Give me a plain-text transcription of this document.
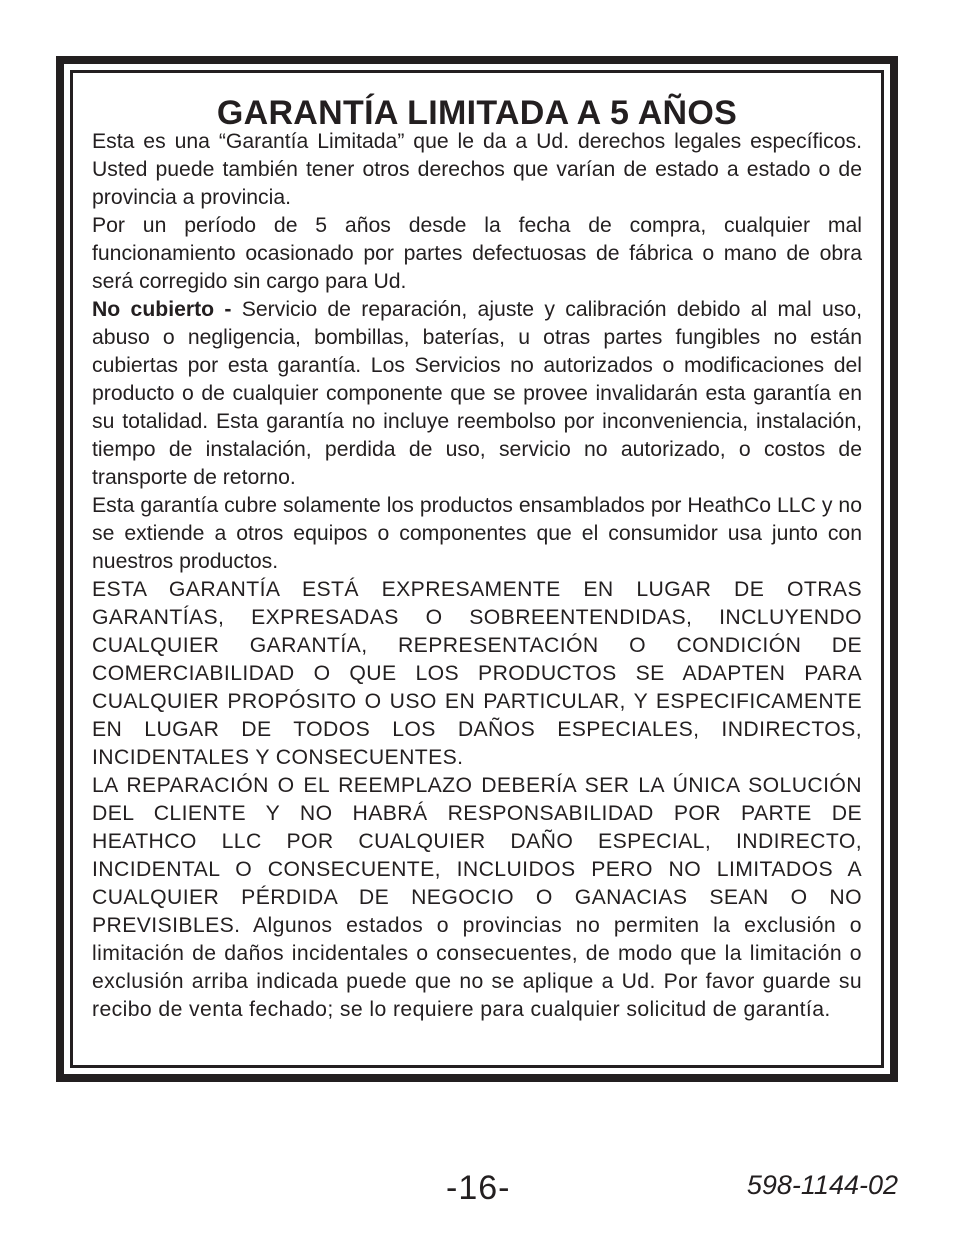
GARANTÍA LIMITADA A 5 AÑOS

Esta es una “Garantía Limitada” que le da a Ud. derechos legales específicos. Usted puede también tener otros derechos que varían de estado a estado o de provincia a provincia.

Por un período de 5 años desde la fecha de compra, cualquier mal funcionamiento ocasionado por partes defectuosas de fábrica o mano de obra será corregido sin cargo para Ud.

No cubierto - Servicio de reparación, ajuste y calibración debido al mal uso, abuso o negligencia, bombillas, baterías, u otras partes fungibles no están cubiertas por esta garantía. Los Servicios no autorizados o modificaciones del producto o de cualquier componente que se provee invalidarán esta garantía en su totalidad. Esta garantía no incluye reembolso por inconveniencia, instalación, tiempo de instalación, perdida de uso, servicio no autorizado, o costos de transporte de retorno.

Esta garantía cubre solamente los productos ensamblados por HeathCo LLC y no se extiende a otros equipos o componentes que el consumidor usa junto con nuestros productos.

ESTA GARANTÍA ESTÁ EXPRESAMENTE EN LUGAR DE OTRAS GARANTÍAS, EXPRESADAS O SOBREENTENDIDAS, INCLUYENDO CUALQUIER GARANTÍA, REPRESENTACIÓN O CONDICIÓN DE COMERCIABILIDAD O QUE LOS PRODUCTOS SE ADAPTEN PARA CUALQUIER PROPÓSITO O USO EN PARTICULAR, Y ESPECIFICAMENTE EN LUGAR DE TODOS LOS DAÑOS ESPECIALES, INDIRECTOS, INCIDENTALES Y CONSECUENTES.

LA REPARACIÓN O EL REEMPLAZO DEBERÍA SER LA ÚNICA SOLUCIÓN DEL CLIENTE Y NO HABRÁ RESPONSABILIDAD POR PARTE DE HEATHCO LLC POR CUALQUIER DAÑO ESPECIAL, INDIRECTO, INCIDENTAL O CONSECUENTE, INCLUIDOS PERO NO LIMITADOS A CUALQUIER PÉRDIDA DE NEGOCIO O GANACIAS SEAN O NO PREVISIBLES. Algunos estados o provincias no permiten la exclusión o limitación de daños incidentales o consecuentes, de modo que la limitación o exclusión arriba indicada puede que no se aplique a Ud. Por favor guarde su recibo de venta fechado; se lo requiere para cualquier solicitud de garantía.

-16-	598-1144-02
